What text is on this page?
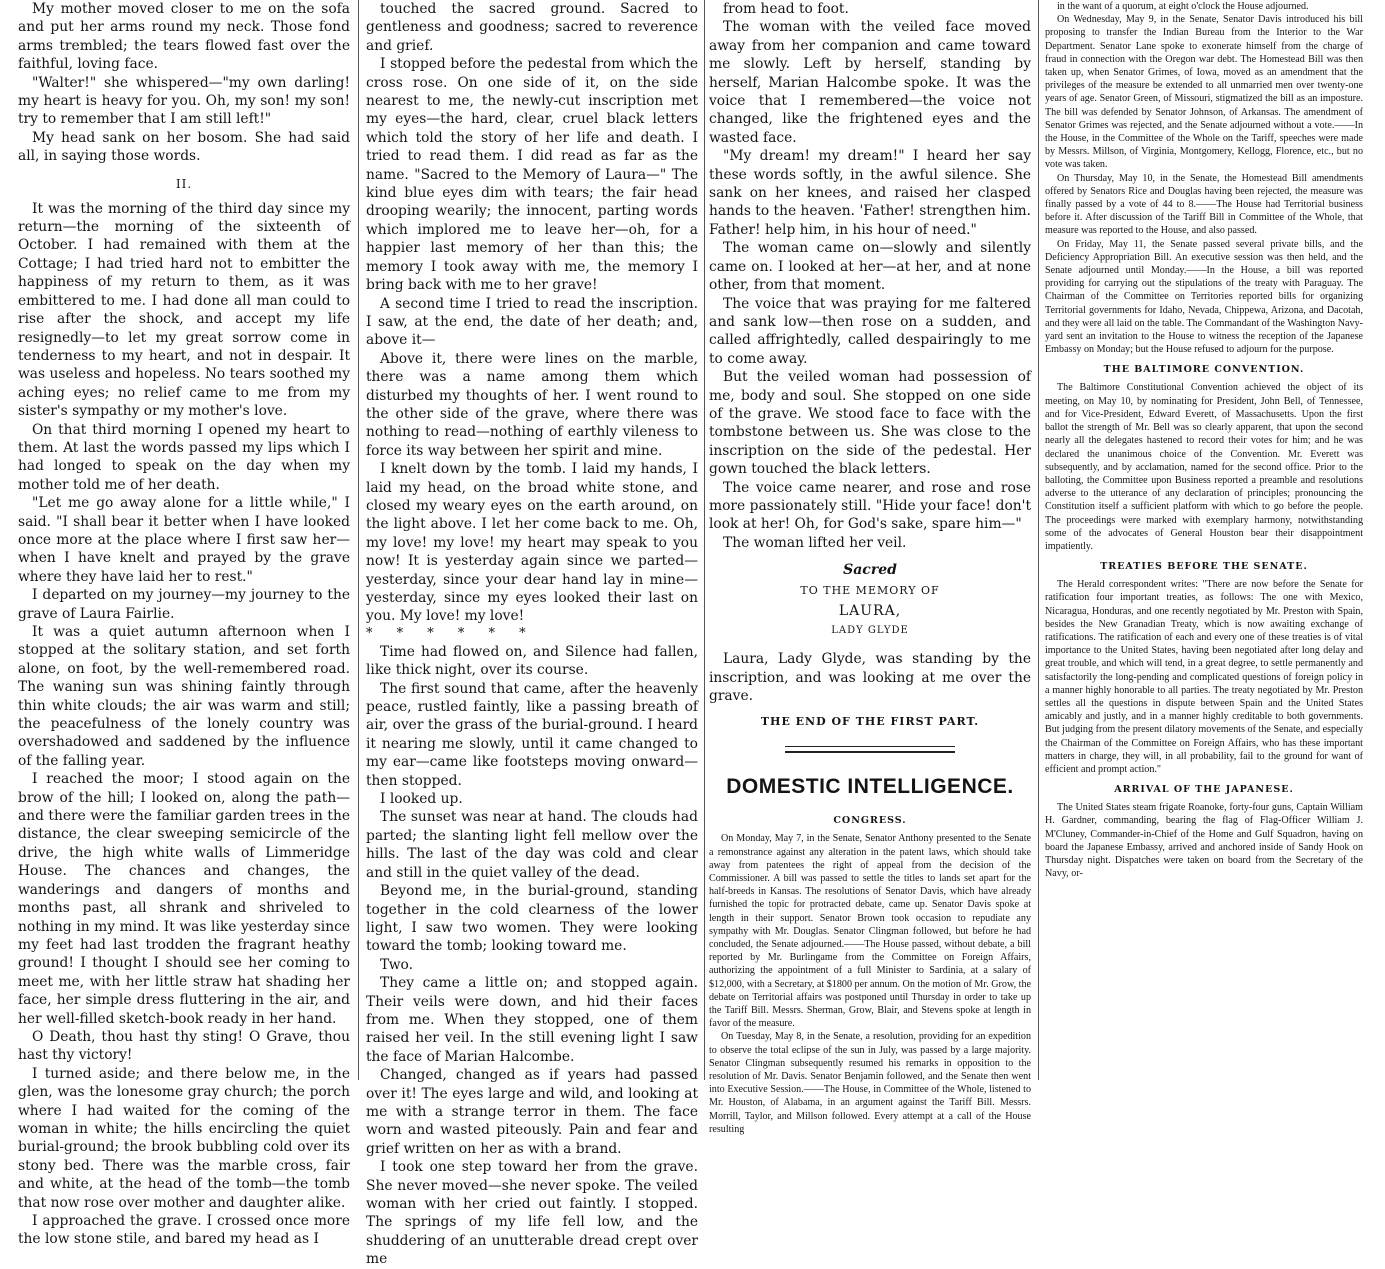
My mother moved closer to me on the sofa and put her arms round my neck. Those fond arms trembled; the tears flowed fast over the faithful, loving face.

"Walter!" she whispered—"my own darling! my heart is heavy for you. Oh, my son! my son! try to remember that I am still left!"

My head sank on her bosom. She had said all, in saying those words.

II.

It was the morning of the third day since my return—the morning of the sixteenth of October. I had remained with them at the Cottage; I had tried hard not to embitter the happiness of my return to them, as it was embittered to me. I had done all man could to rise after the shock, and accept my life resignedly—to let my great sorrow come in tenderness to my heart, and not in despair. It was useless and hopeless. No tears soothed my aching eyes; no relief came to me from my sister's sympathy or my mother's love.

On that third morning I opened my heart to them. At last the words passed my lips which I had longed to speak on the day when my mother told me of her death.

"Let me go away alone for a little while," I said. "I shall bear it better when I have looked once more at the place where I first saw her—when I have knelt and prayed by the grave where they have laid her to rest."

I departed on my journey—my journey to the grave of Laura Fairlie.

It was a quiet autumn afternoon when I stopped at the solitary station, and set forth alone, on foot, by the well-remembered road. The waning sun was shining faintly through thin white clouds; the air was warm and still; the peacefulness of the lonely country was overshadowed and saddened by the influence of the falling year.

I reached the moor; I stood again on the brow of the hill; I looked on, along the path—and there were the familiar garden trees in the distance, the clear sweeping semicircle of the drive, the high white walls of Limmeridge House. The chances and changes, the wanderings and dangers of months and months past, all shrank and shriveled to nothing in my mind. It was like yesterday since my feet had last trodden the fragrant heathy ground! I thought I should see her coming to meet me, with her little straw hat shading her face, her simple dress fluttering in the air, and her well-filled sketch-book ready in her hand.

O Death, thou hast thy sting! O Grave, thou hast thy victory!

I turned aside; and there below me, in the glen, was the lonesome gray church; the porch where I had waited for the coming of the woman in white; the hills encircling the quiet burial-ground; the brook bubbling cold over its stony bed. There was the marble cross, fair and white, at the head of the tomb—the tomb that now rose over mother and daughter alike.

I approached the grave. I crossed once more the low stone stile, and bared my head as I

touched the sacred ground. Sacred to gentleness and goodness; sacred to reverence and grief.

I stopped before the pedestal from which the cross rose. On one side of it, on the side nearest to me, the newly-cut inscription met my eyes—the hard, clear, cruel black letters which told the story of her life and death. I tried to read them. I did read as far as the name. "Sacred to the Memory of Laura—" The kind blue eyes dim with tears; the fair head drooping wearily; the innocent, parting words which implored me to leave her—oh, for a happier last memory of her than this; the memory I took away with me, the memory I bring back with me to her grave!

A second time I tried to read the inscription. I saw, at the end, the date of her death; and, above it—

Above it, there were lines on the marble, there was a name among them which disturbed my thoughts of her. I went round to the other side of the grave, where there was nothing to read—nothing of earthly vileness to force its way between her spirit and mine.

I knelt down by the tomb. I laid my hands, I laid my head, on the broad white stone, and closed my weary eyes on the earth around, on the light above. I let her come back to me. Oh, my love! my love! my heart may speak to you now! It is yesterday again since we parted—yesterday, since your dear hand lay in mine—yesterday, since my eyes looked their last on you. My love! my love!

* * * * * *

Time had flowed on, and Silence had fallen, like thick night, over its course.

The first sound that came, after the heavenly peace, rustled faintly, like a passing breath of air, over the grass of the burial-ground. I heard it nearing me slowly, until it came changed to my ear—came like footsteps moving onward—then stopped.

I looked up.

The sunset was near at hand. The clouds had parted; the slanting light fell mellow over the hills. The last of the day was cold and clear and still in the quiet valley of the dead.

Beyond me, in the burial-ground, standing together in the cold clearness of the lower light, I saw two women. They were looking toward the tomb; looking toward me.

Two.

They came a little on; and stopped again. Their veils were down, and hid their faces from me. When they stopped, one of them raised her veil. In the still evening light I saw the face of Marian Halcombe.

Changed, changed as if years had passed over it! The eyes large and wild, and looking at me with a strange terror in them. The face worn and wasted piteously. Pain and fear and grief written on her as with a brand.

I took one step toward her from the grave. She never moved—she never spoke. The veiled woman with her cried out faintly. I stopped. The springs of my life fell low, and the shuddering of an unutterable dread crept over me

from head to foot.

The woman with the veiled face moved away from her companion and came toward me slowly. Left by herself, standing by herself, Marian Halcombe spoke. It was the voice that I remembered—the voice not changed, like the frightened eyes and the wasted face.

"My dream! my dream!" I heard her say these words softly, in the awful silence. She sank on her knees, and raised her clasped hands to the heaven. 'Father! strengthen him. Father! help him, in his hour of need."

The woman came on—slowly and silently came on. I looked at her—at her, and at none other, from that moment.

The voice that was praying for me faltered and sank low—then rose on a sudden, and called affrightedly, called despairingly to me to come away.

But the veiled woman had possession of me, body and soul. She stopped on one side of the grave. We stood face to face with the tombstone between us. She was close to the inscription on the side of the pedestal. Her gown touched the black letters.

The voice came nearer, and rose and rose more passionately still. "Hide your face! don't look at her! Oh, for God's sake, spare him—"

The woman lifted her veil.

Sacred
TO THE MEMORY OF
LAURA,
LADY GLYDE

Laura, Lady Glyde, was standing by the inscription, and was looking at me over the grave.

THE END OF THE FIRST PART.
DOMESTIC INTELLIGENCE.
CONGRESS.

On Monday, May 7, in the Senate, Senator Anthony presented to the Senate a remonstrance against any alteration in the patent laws, which should take away from patentees the right of appeal from the decision of the Commissioner. A bill was passed to settle the titles to lands set apart for the half-breeds in Kansas. The resolutions of Senator Davis, which have already furnished the topic for protracted debate, came up. Senator Davis spoke at length in their support. Senator Brown took occasion to repudiate any sympathy with Mr. Douglas. Senator Clingman followed, but before he had concluded, the Senate adjourned.——The House passed, without debate, a bill reported by Mr. Burlingame from the Committee on Foreign Affairs, authorizing the appointment of a full Minister to Sardinia, at a salary of $12,000, with a Secretary, at $1800 per annum. On the motion of Mr. Grow, the debate on Territorial affairs was postponed until Thursday in order to take up the Tariff Bill. Messrs. Sherman, Grow, Blair, and Stevens spoke at length in favor of the measure.

On Tuesday, May 8, in the Senate, a resolution, providing for an expedition to observe the total eclipse of the sun in July, was passed by a large majority. Senator Clingman subsequently resumed his remarks in opposition to the resolution of Mr. Davis. Senator Benjamin followed, and the Senate then went into Executive Session.——The House, in Committee of the Whole, listened to Mr. Houston, of Alabama, in an argument against the Tariff Bill. Messrs. Morrill, Taylor, and Millson followed. Every attempt at a call of the House resulting

in the want of a quorum, at eight o'clock the House adjourned.

On Wednesday, May 9, in the Senate, Senator Davis introduced his bill proposing to transfer the Indian Bureau from the Interior to the War Department. Senator Lane spoke to exonerate himself from the charge of fraud in connection with the Oregon war debt. The Homestead Bill was then taken up, when Senator Grimes, of Iowa, moved as an amendment that the privileges of the measure be extended to all unmarried men over twenty-one years of age. Senator Green, of Missouri, stigmatized the bill as an imposture. The bill was defended by Senator Johnson, of Arkansas. The amendment of Senator Grimes was rejected, and the Senate adjourned without a vote.——In the House, in the Committee of the Whole on the Tariff, speeches were made by Messrs. Millson, of Virginia, Montgomery, Kellogg, Florence, etc., but no vote was taken.

On Thursday, May 10, in the Senate, the Homestead Bill amendments offered by Senators Rice and Douglas having been rejected, the measure was finally passed by a vote of 44 to 8.——The House had Territorial business before it. After discussion of the Tariff Bill in Committee of the Whole, that measure was reported to the House, and also passed.

On Friday, May 11, the Senate passed several private bills, and the Deficiency Appropriation Bill. An executive session was then held, and the Senate adjourned until Monday.——In the House, a bill was reported providing for carrying out the stipulations of the treaty with Paraguay. The Chairman of the Committee on Territories reported bills for organizing Territorial governments for Idaho, Nevada, Chippewa, Arizona, and Dacotah, and they were all laid on the table. The Commandant of the Washington Navy-yard sent an invitation to the House to witness the reception of the Japanese Embassy on Monday; but the House refused to adjourn for the purpose.

THE BALTIMORE CONVENTION.

The Baltimore Constitutional Convention achieved the object of its meeting, on May 10, by nominating for President, John Bell, of Tennessee, and for Vice-President, Edward Everett, of Massachusetts. Upon the first ballot the strength of Mr. Bell was so clearly apparent, that upon the second nearly all the delegates hastened to record their votes for him; and he was declared the unanimous choice of the Convention. Mr. Everett was subsequently, and by acclamation, named for the second office. Prior to the balloting, the Committee upon Business reported a preamble and resolutions adverse to the utterance of any declaration of principles; pronouncing the Constitution itself a sufficient platform with which to go before the people. The proceedings were marked with exemplary harmony, notwithstanding some of the advocates of General Houston bear their disappointment impatiently.

TREATIES BEFORE THE SENATE.

The Herald correspondent writes: "There are now before the Senate for ratification four important treaties, as follows: The one with Mexico, Nicaragua, Honduras, and one recently negotiated by Mr. Preston with Spain, besides the New Granadian Treaty, which is now awaiting exchange of ratifications. The ratification of each and every one of these treaties is of vital importance to the United States, having been negotiated after long delay and great trouble, and which will tend, in a great degree, to settle permanently and satisfactorily the long-pending and complicated questions of foreign policy in a manner highly honorable to all parties. The treaty negotiated by Mr. Preston settles all the questions in dispute between Spain and the United States amicably and justly, and in a manner highly creditable to both governments. But judging from the present dilatory movements of the Senate, and especially the Chairman of the Committee on Foreign Affairs, who has these important matters in charge, they will, in all probability, fail to the ground for want of efficient and prompt action."

ARRIVAL OF THE JAPANESE.

The United States steam frigate Roanoke, forty-four guns, Captain William H. Gardner, commanding, bearing the flag of Flag-Officer William J. M'Cluney, Commander-in-Chief of the Home and Gulf Squadron, having on board the Japanese Embassy, arrived and anchored inside of Sandy Hook on Thursday night. Dispatches were taken on board from the Secretary of the Navy, or-
